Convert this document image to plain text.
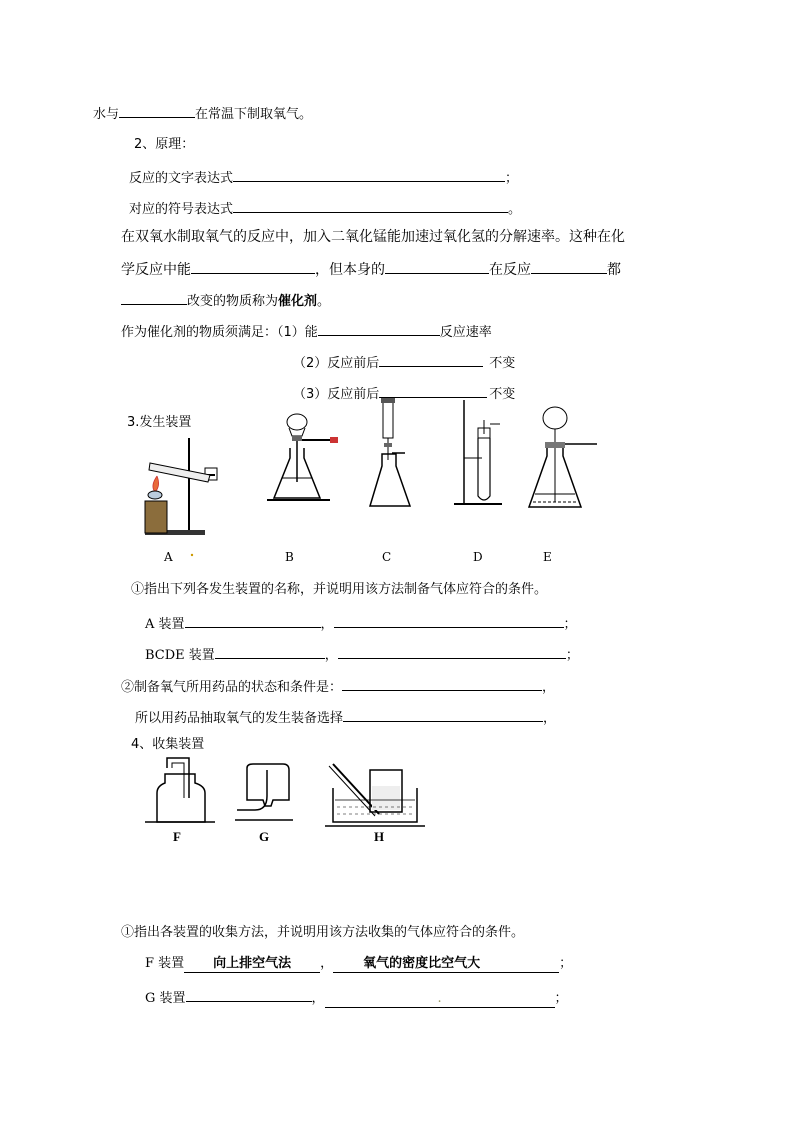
水与	在常温下制取氧气。
2、原理：
反应的文字表达式	；
对应的符号表达式	。
在双氧水制取氧气的反应中，加入二氧化锰能加速过氧化氢的分解速率。这种在化
学反应中能	，但本身的	在反应	都
改变的物质称为催化剂。
作为催化剂的物质须满足：（1）能	反应速率
（2）反应前后	不变
（3）反应前后	不变
3.发生装置
A	B	C	D	E
①指出下列各发生装置的名称，并说明用该方法制备气体应符合的条件。
A 装置	，	；
BCDE 装置	，	；
②制备氧气所用药品的状态和条件是：	，
所以用药品抽取氧气的发生装备选择	，
4、收集装置
F	G	H
①指出各装置的收集方法，并说明用该方法收集的气体应符合的条件。
F 装置 向上排空气法 ， 氧气的密度比空气大	；
G 装置	，	.	；
